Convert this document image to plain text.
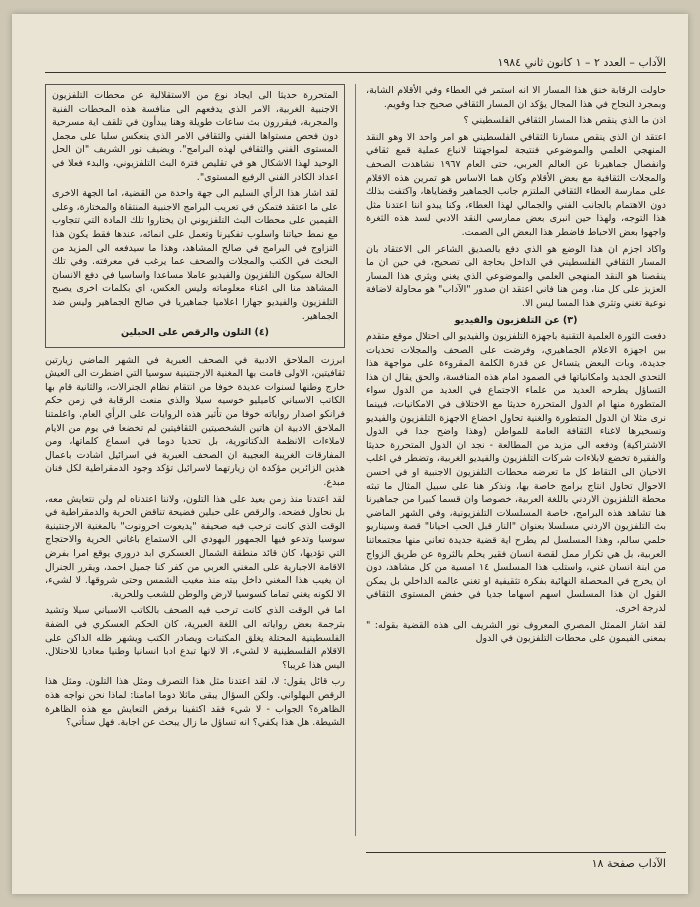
الآداب – العدد ٢ – ١ كانون ثاني ١٩٨٤

حاولت الرقابة خنق هذا المسار الا انه استمر في العطاء وفي الأقلام الشابة، وبمجرد النجاح في هذا المجال يؤكد ان المسار الثقافي صحيح جدا وقويم.

اذن ما الذي ينقص هذا المسار الثقافي الفلسطيني ؟

اعتقد ان الذي ينقص مسارنا الثقافي الفلسطيني هو امر واحد الا وهو النقد المنهجي العلمي والموضوعي فنتيجة لمواجهتنا لانباع عملية قمع ثقافي وانفصال جماهيرنا عن العالم العربي، حتى العام ١٩٦٧ نشاهدت الصحف والمجلات الثقافية مع بعض الأقلام وكان هما الاساس هو تمرين هذه الاقلام على ممارسة العطاء الثقافي الملتزم جانب الجماهير وقضاياها، واكتفت بذلك دون الاهتمام بالجانب الفني والجمالي لهذا العطاء، وكنا يبدو اننا اعتدنا مثل هذا التوجه، ولهذا حين انبرى بعض ممارسي النقد الادبي لسد هذه الثغرة واجهوا بعض الاحباط فاضطر هذا البعض الى الصمت.

واكاد اجزم ان هذا الوضع هو الذي دفع بالصديق الشاعر الى الاعتقاد بان المسار الثقافي الفلسطيني في الداخل بحاجة الى تصحيح، في حين ان ما ينقصنا هو النقد المنهجي العلمي والموضوعي الذي يغني ويثري هذا المسار العزيز على كل منا، ومن هنا فاني اعتقد ان صدور "الآداب" هو محاولة لاضافة نوعية تغني وتثري هذا المسا ليس الا.

(٣) عن التلفزيون والفيديو

دفعت الثورة العلمية التقنية باجهزة التلفزيون والفيديو الى احتلال موقع متقدم بين اجهزة الاعلام الجماهيري، وفرضت على الصحف والمجلات تحديات جديدة، وبات البعض يتساءل عن قدرة الكلمة المقروءة على مواجهة هذا التحدي الجديد وامكانياتها في الصمود امام هذه المنافسة، والحق يقال ان هذا التساؤل يطرحه العديد من علماء الاجتماع في العديد من الدول سواء المتطورة منها ام الدول المتحررة حديثا مع الاختلاف في الامكانيات، فبينما نرى مثلا ان الدول المتطورة والغنية تحاول اخضاع الاجهزة التلفزيون والفيديو وتسخيرها لاغناء الثقافة العامة للمواطن (وهذا واضح جدا في الدول الاشتراكية) ودفعه الى مزيد من المطالعة - نجد ان الدول المتحررة حديثا والفقيرة تخضع لابلاءات شركات التلفزيون والفيديو الغربية، وتضطر في اغلب الاحيان الى التقاط كل ما تعرضه محطات التلفزيون الاجنبية او في احسن الاحوال تحاول انتاج برامج خاصة بها، ونذكر هنا على سبيل المثال ما تبثه محطة التلفزيون الاردني باللغة العربية، خصوصا وان قسما كبيرا من جماهيرنا هنا تشاهد هذه البرامج، خاصة المسلسلات التلفزيونية، وفي الشهر الماضي بث التلفزيون الاردني مسلسلا بعنوان "النار قبل الحب احيانا" قصة وسيناريو حلمي سالم، وهذا المسلسل لم يطرح اية قضية جديدة تعاني منها مجتمعاتنا العربية، بل هي تكرار ممل لقصة انسان فقير يحلم بالثروة عن طريق الزواج من ابنة انسان غني، واستلب هذا المسلسل ١٤ امسية من كل مشاهد، دون ان يخرج في المحصلة النهائية بفكرة تثقيفية او تغني عالمه الداخلي بل يمكن القول ان هذا المسلسل اسهم اسهاما جديا في خفض المستوى الثقافي لدرجة اخرى.

لقد اشار الممثل المصري المعروف نور الشريف الى هذه القضية بقوله: " بمعنى الفيمون على محطات التلفزيون في الدول

المتحررة حديثا الى ايجاد نوع من الاستقلالية عن محطات التلفزيون الاجنبية الغربية، الامر الذي يدفعهم الى منافسة هذه المحطات الفنية والمجربة، فيقررون بث ساعات طويلة وهنا يبدأون في تلقف اية مسرحية دون فحص مستواها الفني والثقافي الامر الذي ينعكس سلبا على مجمل المستوى الفني والثقافي لهذه البرامج". ويضيف نور الشريف "ان الحل الوحيد لهذا الاشكال هو في تقليص فترة البث التلفزيوني، والبدء فعلا في اعداد الكادر الفني الرفيع المستوى".

لقد اشار هذا الرأي السليم الى جهة واحدة من القضية، اما الجهة الاخرى على ما اعتقد فتمكن في تعريب البرامج الاجنبية المنتقاة والمختارة، وعلى القيمين على محطات البث التلفزيوني ان يختاروا تلك المادة التي تتجاوب مع نمط حياتنا واسلوب تفكيرنا وتعمل على انمائه، عندها فقط يكون هذا التزاوج في البرامج في صالح المشاهد، وهذا ما سيدفعه الى المزيد من البحث في الكتب والمجلات والصحف عما يرغب في معرفته. وفي تلك الحالة سيكون التلفزيون والفيديو عاملا مساعدا واساسيا في دفع الانسان المشاهد منا الى اغناء معلوماته وليس العكس، اي بكلمات اخرى يصبح التلفزيون والفيديو جهازا اعلاميا جماهيريا في صالح الجماهير وليس ضد الجماهير.

(٤) التلون والرقص على الحبلين

ابرزت الملاحق الادبية في الصحف العبرية في الشهر الماضي زيارتين ثقافيتين، الاولى قامت بها المغنية الارجنتينية سوسيا التي اضطرت الى العيش خارج وطنها لسنوات عديدة خوفا من انتقام نظام الجنرالات، والثانية قام بها الكاتب الاسباني كاميليو خوسيه سيلا والذي منعت الرقابة في زمن حكم فرانكو اصدار رواياته خوفا من تأثير هذه الروايات على الرأي العام. واعلمتنا الملاحق الادبية ان هاتين الشخصيتين الثقافيتين لم تخضعا في يوم من الايام لاملاءات الانظمة الدكتاتورية، بل تحديا دوما في اسماع كلماتها، ومن المفارقات الغريبة العجيبة ان الصحف العبرية في اسرائيل اشادت باعمال هذين الزائرين مؤكدة ان زيارتهما لاسرائيل تؤكد وجود الدمقراطية لكل فنان مبدع.

لقد اعتدنا منذ زمن بعيد على هذا التلون، ولاننا اعتدناه لم ولن نتعايش معه، بل نحاول فضحه. والرقص على حبلين فضيحة تناقض الحرية والدمقراطية في الوقت الذي كانت ترحب فيه صحيفة "يديعوت احرونوت" بالمغنية الارجنتينية سوسيا وتدعو فيها الجمهور اليهودي الى الاستماع باغاني الحرية والاحتجاج التي تؤديها، كان قائد منطقة الشمال العسكري ابد دروري يوقع امرا بفرض الاقامة الاجبارية على المغني العربي من كفر كنا جميل احمد، ويقرر الجنرال ان يغيب هذا المغني داخل بيته منذ مغيب الشمس وحتى شروقها. لا لشيء، الا لكونه يغني تماما كسوسيا لارض والوطن للشعب وللحرية.

اما في الوقت الذي كانت ترحب فيه الصحف بالكاتب الاسباني سيلا وتشيد بترجمة بعض رواياته الى اللغة العبرية، كان الحكم العسكري في الضفة الفلسطينية المحتلة يغلق المكتبات ويصادر الكتب ويشهر ظله الداكن على الاقلام الفلسطينية لا لشيء، الا لانها تبدع ادبا انسانيا وطنيا معاديا للاحتلال. اليس هذا غريبا؟

رب قائل يقول: لا، لقد اعتدنا مثل هذا التصرف ومثل هذا التلون. ومثل هذا الرقص البهلواني. ولكن السؤال يبقى ماثلا دوما امامنا: لماذا نحن نواجه هذه الظاهرة؟ الجواب - لا شيء فقد اكتفينا برفض التعايش مع هذه الظاهرة الشيطة. هل هذا يكفي؟ انه تساؤل ما زال يبحث عن اجابة. فهل سنأتي؟

الآداب صفحة ١٨
